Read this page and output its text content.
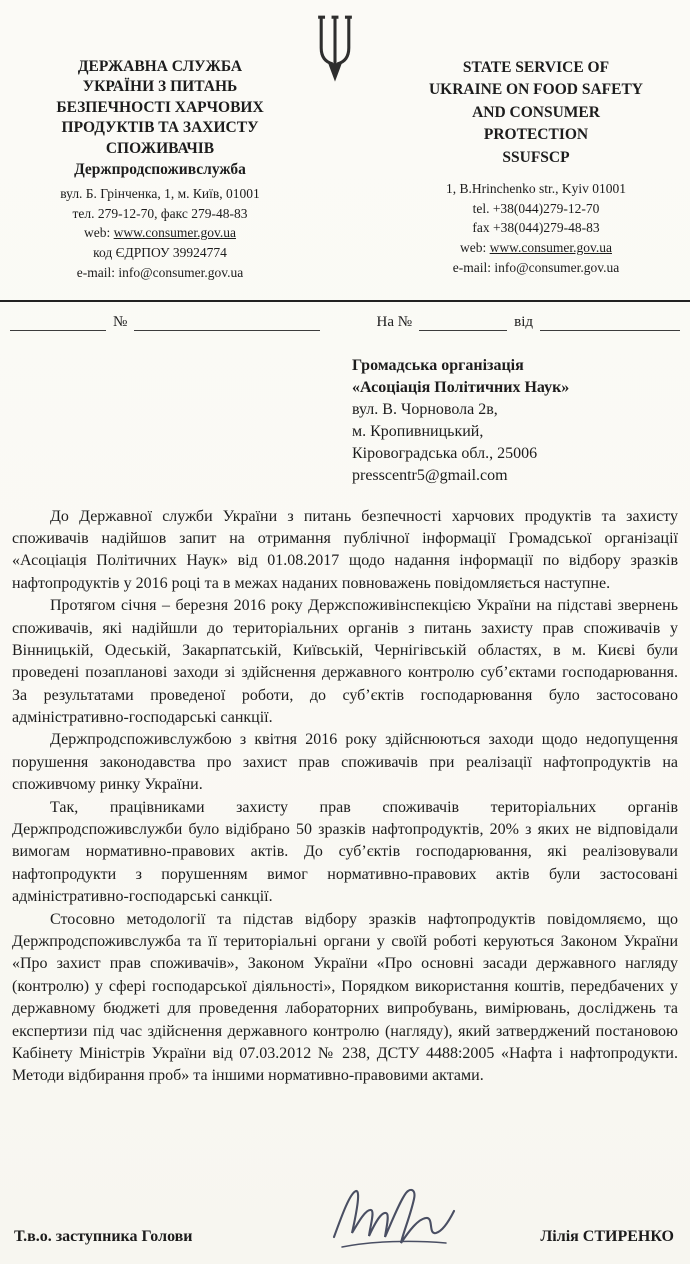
ДЕРЖАВНА СЛУЖБА
УКРАЇНИ З ПИТАНЬ
БЕЗПЕЧНОСТІ ХАРЧОВИХ
ПРОДУКТІВ ТА ЗАХИСТУ
СПОЖИВАЧІВ
Держпродспоживслужба
вул. Б. Грінченка, 1, м. Київ, 01001
тел. 279-12-70, факс 279-48-83
web: www.consumer.gov.ua
код ЄДРПОУ 39924774
e-mail: info@consumer.gov.ua
STATE SERVICE OF
UKRAINE ON FOOD SAFETY
AND CONSUMER
PROTECTION
SSUFSCP
1, B.Hrinchenko str., Kyiv 01001
tel. +38(044)279-12-70
fax +38(044)279-48-83
web: www.consumer.gov.ua
e-mail: info@consumer.gov.ua
№	На №	від
Громадська організація
«Асоціація Політичних Наук»
вул. В. Чорновола 2в,
м. Кропивницький,
Кіровоградська обл., 25006
presscentr5@gmail.com

До Державної служби України з питань безпечності харчових продуктів та захисту споживачів надійшов запит на отримання публічної інформації Громадської організації «Асоціація Політичних Наук» від 01.08.2017 щодо надання інформації по відбору зразків нафтопродуктів у 2016 році та в межах наданих повноважень повідомляється наступне.

Протягом січня – березня 2016 року Держспоживінспекцією України на підставі звернень споживачів, які надійшли до територіальних органів з питань захисту прав споживачів у Вінницькій, Одеській, Закарпатській, Київській, Чернігівській областях, в м. Києві були проведені позапланові заходи зі здійснення державного контролю суб’єктами господарювання. За результатами проведеної роботи, до суб’єктів господарювання було застосовано адміністративно-господарські санкції.

Держпродспоживслужбою з квітня 2016 року здійснюються заходи щодо недопущення порушення законодавства про захист прав споживачів при реалізації нафтопродуктів на споживчому ринку України.

Так, працівниками захисту прав споживачів територіальних органів Держпродспоживслужби було відібрано 50 зразків нафтопродуктів, 20% з яких не відповідали вимогам нормативно-правових актів. До суб’єктів господарювання, які реалізовували нафтопродукти з порушенням вимог нормативно-правових актів були застосовані адміністративно-господарські санкції.

Стосовно методології та підстав відбору зразків нафтопродуктів повідомляємо, що Держпродспоживслужба та її територіальні органи у своїй роботі керуються Законом України «Про захист прав споживачів», Законом України «Про основні засади державного нагляду (контролю) у сфері господарської діяльності», Порядком використання коштів, передбачених у державному бюджеті для проведення лабораторних випробувань, вимірювань, досліджень та експертизи під час здійснення державного контролю (нагляду), який затверджений постановою Кабінету Міністрів України від 07.03.2012 № 238, ДСТУ 4488:2005 «Нафта і нафтопродукти. Методи відбирання проб» та іншими нормативно-правовими актами.

Т.в.о. заступника Голови	Лілія СТИРЕНКО
